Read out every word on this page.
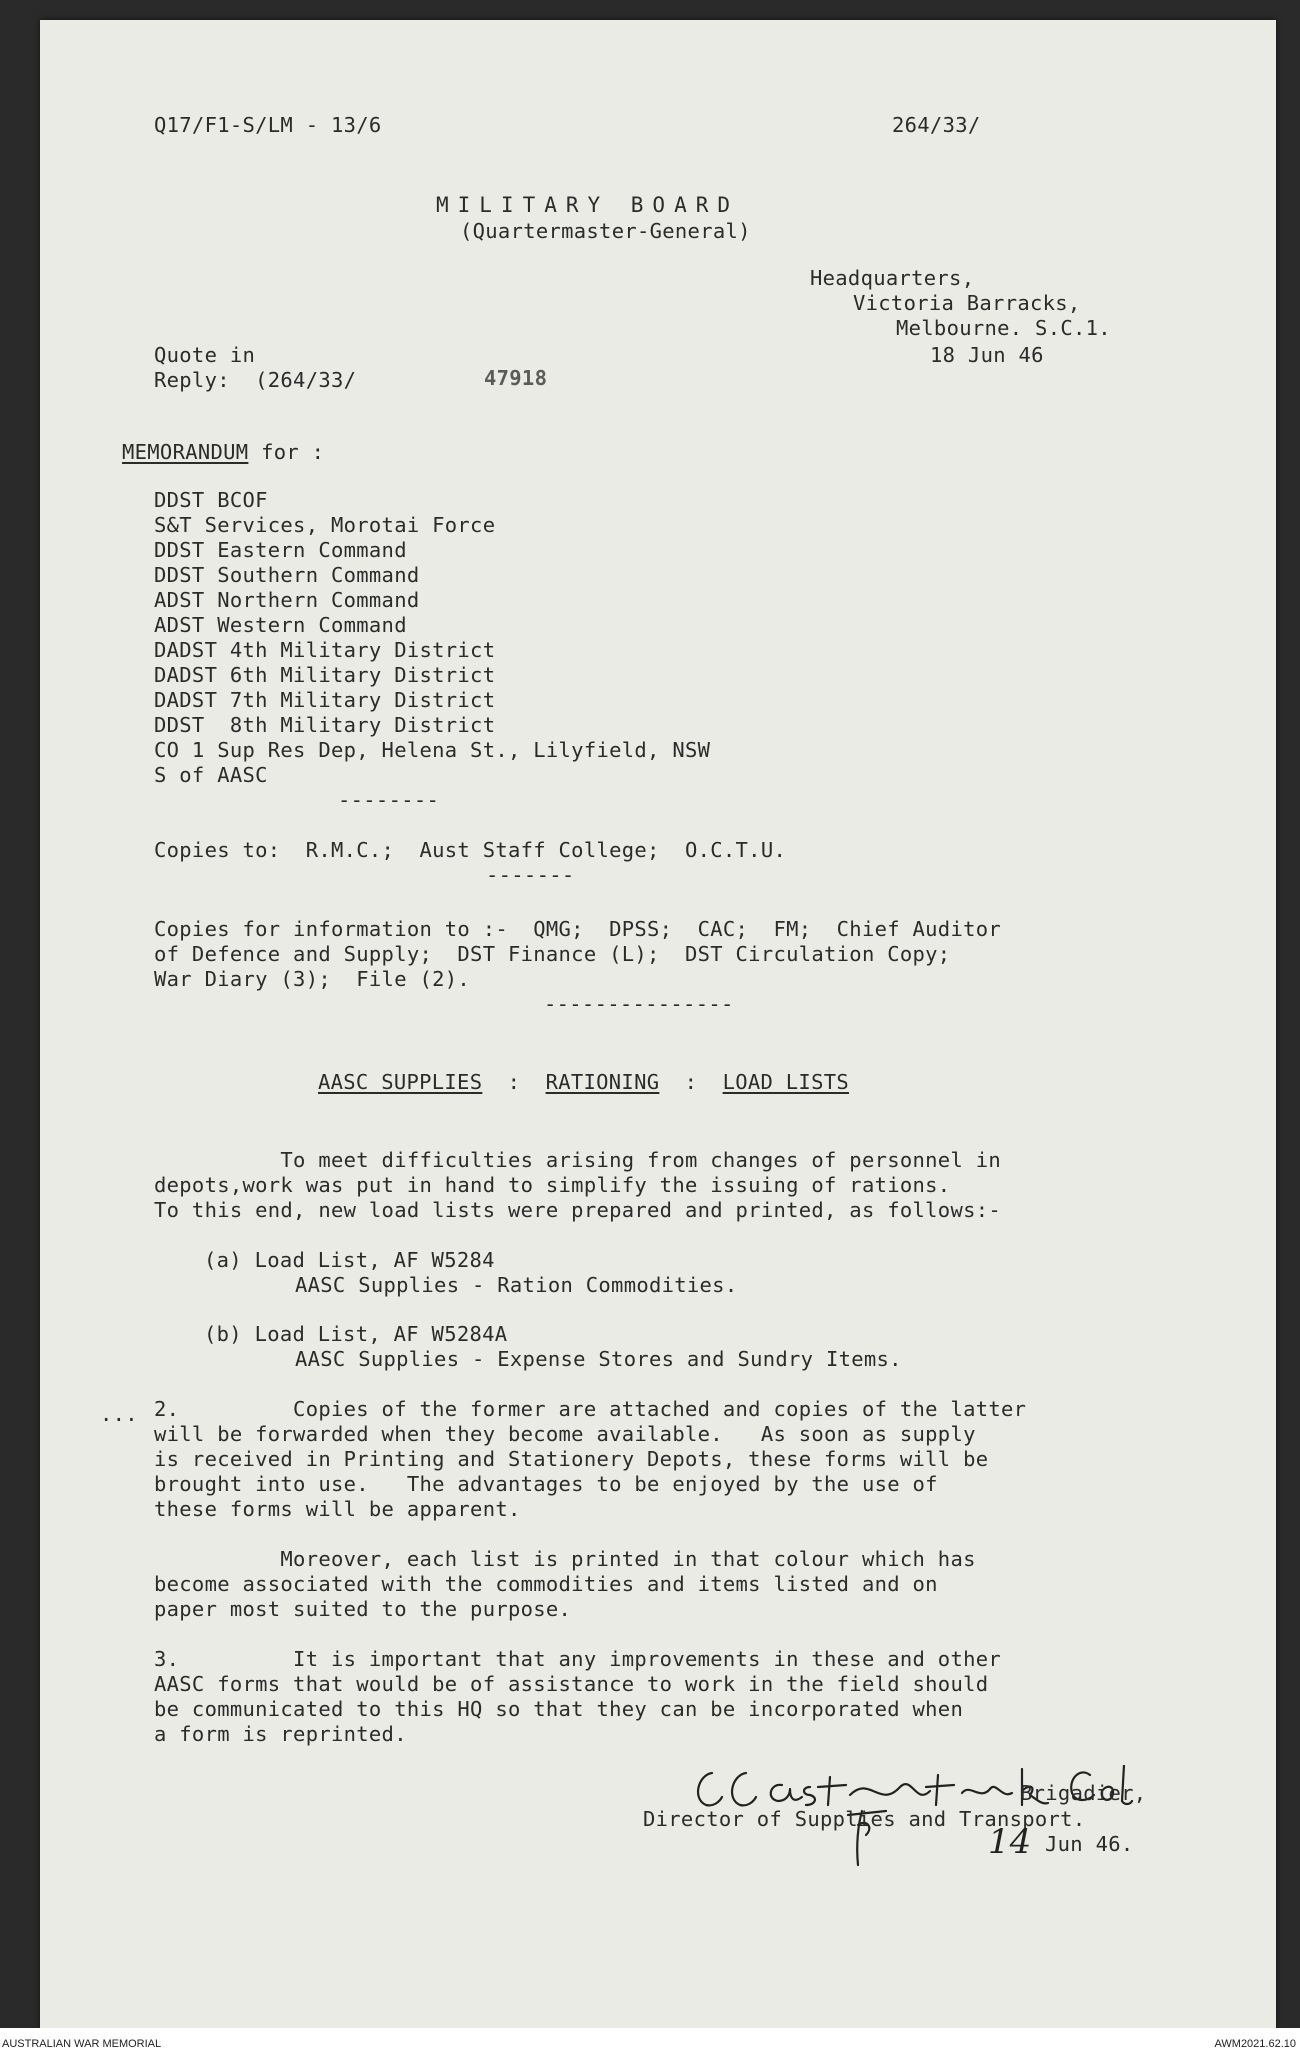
Q17/F1-S/LM - 13/6	264/33/
MILITARY BOARD
(Quartermaster-General)
Headquarters,
Victoria Barracks,
Melbourne. S.C.1.
18 Jun 46
Quote in
Reply:  (264/33/	47918
MEMORANDUM for :
DDST BCOF
S&T Services, Morotai Force
DDST Eastern Command
DDST Southern Command
ADST Northern Command
ADST Western Command
DADST 4th Military District
DADST 6th Military District
DADST 7th Military District
DDST  8th Military District
CO 1 Sup Res Dep, Helena St., Lilyfield, NSW
S of AASC
--------
Copies to:  R.M.C.;  Aust Staff College;  O.C.T.U.
-------
Copies for information to :-  QMG;  DPSS;  CAC;  FM;  Chief Auditor
of Defence and Supply;  DST Finance (L);  DST Circulation Copy;
War Diary (3);  File (2).
---------------
AASC SUPPLIES  :  RATIONING  :  LOAD LISTS
To meet difficulties arising from changes of personnel in
depots,work was put in hand to simplify the issuing of rations.
To this end, new load lists were prepared and printed, as follows:-
(a) Load List, AF W5284
AASC Supplies - Ration Commodities.
(b) Load List, AF W5284A
AASC Supplies - Expense Stores and Sundry Items.
... 2.         Copies of the former are attached and copies of the latter
will be forwarded when they become available.   As soon as supply
is received in Printing and Stationery Depots, these forms will be
brought into use.   The advantages to be enjoyed by the use of
these forms will be apparent.
Moreover, each list is printed in that colour which has
become associated with the commodities and items listed and on
paper most suited to the purpose.
3.         It is important that any improvements in these and other
AASC forms that would be of assistance to work in the field should
be communicated to this HQ so that they can be incorporated when
a form is reprinted.
Brigadier,
Director of Supplies and Transport.
14 Jun 46.
AUSTRALIAN WAR MEMORIAL	AWM2021.62.10
